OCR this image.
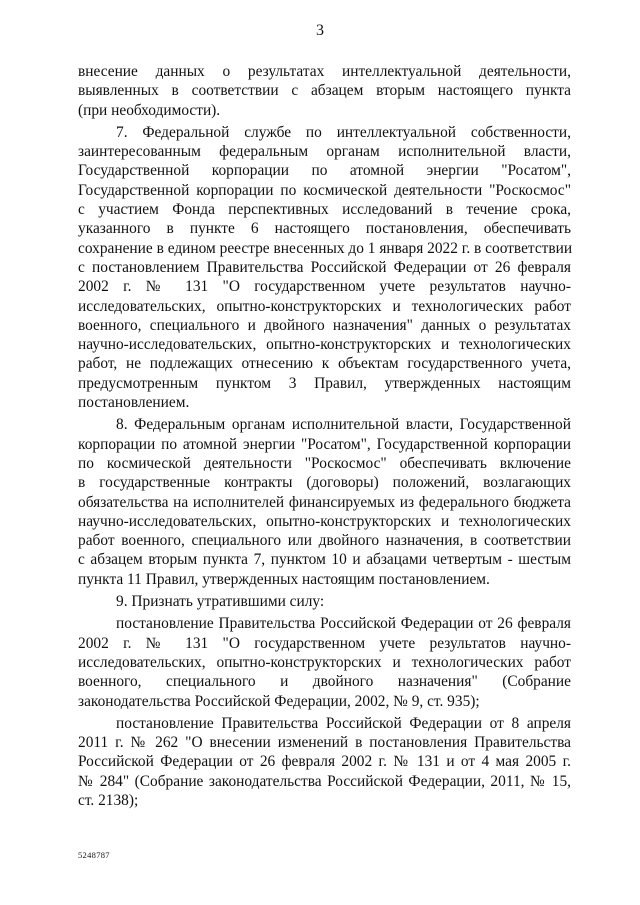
3
внесение данных о результатах интеллектуальной деятельности,
выявленных в соответствии с абзацем вторым настоящего пункта
(при необходимости).
7. Федеральной службе по интеллектуальной собственности,
заинтересованным федеральным органам исполнительной власти,
Государственной корпорации по атомной энергии "Росатом",
Государственной корпорации по космической деятельности "Роскосмос"
с участием Фонда перспективных исследований в течение срока,
указанного в пункте 6 настоящего постановления, обеспечивать
сохранение в едином реестре внесенных до 1 января 2022 г. в соответствии
с постановлением Правительства Российской Федерации от 26 февраля
2002 г. № 131 "О государственном учете результатов научно-
исследовательских, опытно-конструкторских и технологических работ
военного, специального и двойного назначения" данных о результатах
научно-исследовательских, опытно-конструкторских и технологических
работ, не подлежащих отнесению к объектам государственного учета,
предусмотренным пунктом 3 Правил, утвержденных настоящим
постановлением.
8. Федеральным органам исполнительной власти, Государственной
корпорации по атомной энергии "Росатом", Государственной корпорации
по космической деятельности "Роскосмос" обеспечивать включение
в государственные контракты (договоры) положений, возлагающих
обязательства на исполнителей финансируемых из федерального бюджета
научно-исследовательских, опытно-конструкторских и технологических
работ военного, специального или двойного назначения, в соответствии
с абзацем вторым пункта 7, пунктом 10 и абзацами четвертым - шестым
пункта 11 Правил, утвержденных настоящим постановлением.
9. Признать утратившими силу:
постановление Правительства Российской Федерации от 26 февраля
2002 г. № 131 "О государственном учете результатов научно-
исследовательских, опытно-конструкторских и технологических работ
военного, специального и двойного назначения" (Собрание
законодательства Российской Федерации, 2002, № 9, ст. 935);
постановление Правительства Российской Федерации от 8 апреля
2011 г. № 262 "О внесении изменений в постановления Правительства
Российской Федерации от 26 февраля 2002 г. № 131 и от 4 мая 2005 г.
№ 284" (Собрание законодательства Российской Федерации, 2011, № 15,
ст. 2138);
5248787
